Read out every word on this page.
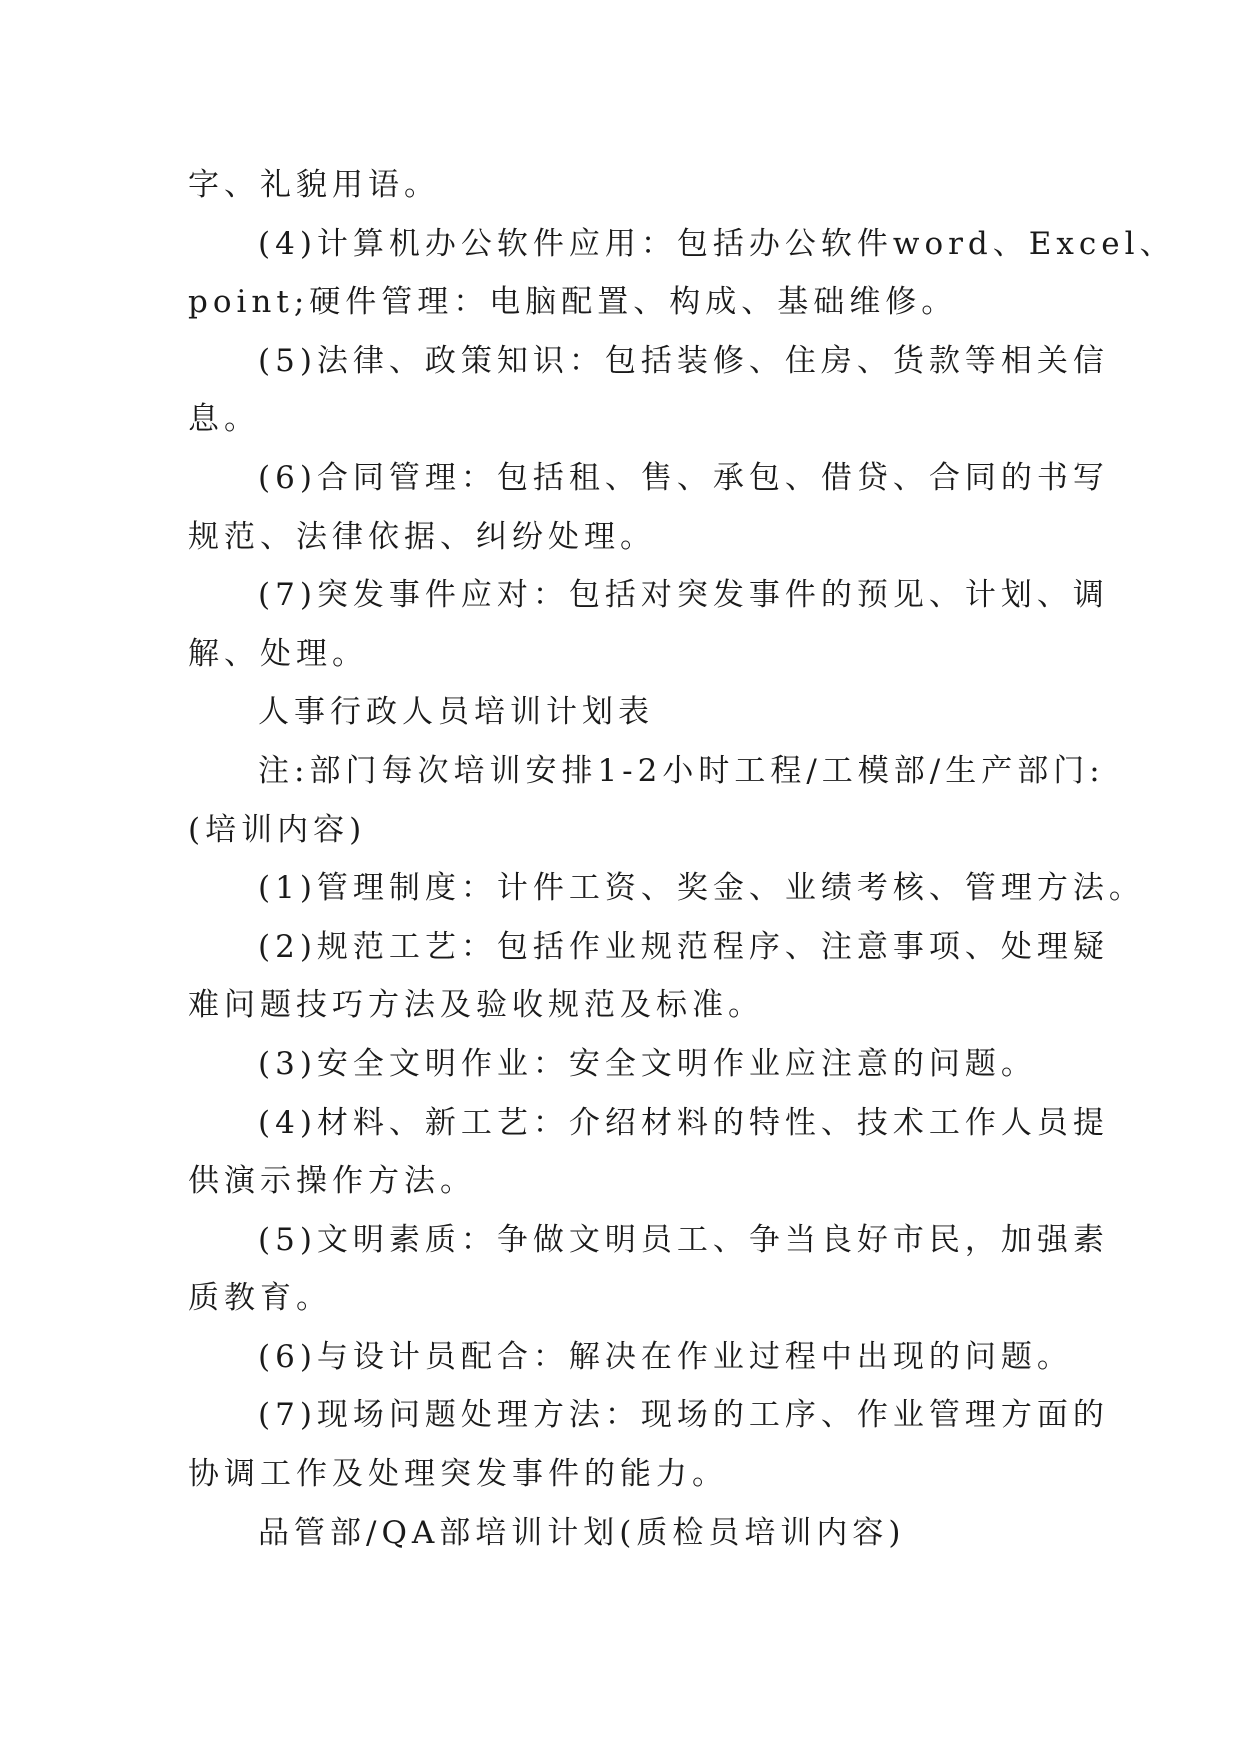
字、礼貌用语。
(4)计算机办公软件应用：包括办公软件word、Excel、
point;硬件管理：电脑配置、构成、基础维修。
(5)法律、政策知识：包括装修、住房、货款等相关信
息。
(6)合同管理：包括租、售、承包、借贷、合同的书写
规范、法律依据、纠纷处理。
(7)突发事件应对：包括对突发事件的预见、计划、调
解、处理。
人事行政人员培训计划表
注:部门每次培训安排1-2小时工程/工模部/生产部门:
(培训内容)
(1)管理制度：计件工资、奖金、业绩考核、管理方法。
(2)规范工艺：包括作业规范程序、注意事项、处理疑
难问题技巧方法及验收规范及标准。
(3)安全文明作业：安全文明作业应注意的问题。
(4)材料、新工艺：介绍材料的特性、技术工作人员提
供演示操作方法。
(5)文明素质：争做文明员工、争当良好市民，加强素
质教育。
(6)与设计员配合：解决在作业过程中出现的问题。
(7)现场问题处理方法：现场的工序、作业管理方面的
协调工作及处理突发事件的能力。
品管部/QA部培训计划(质检员培训内容)
